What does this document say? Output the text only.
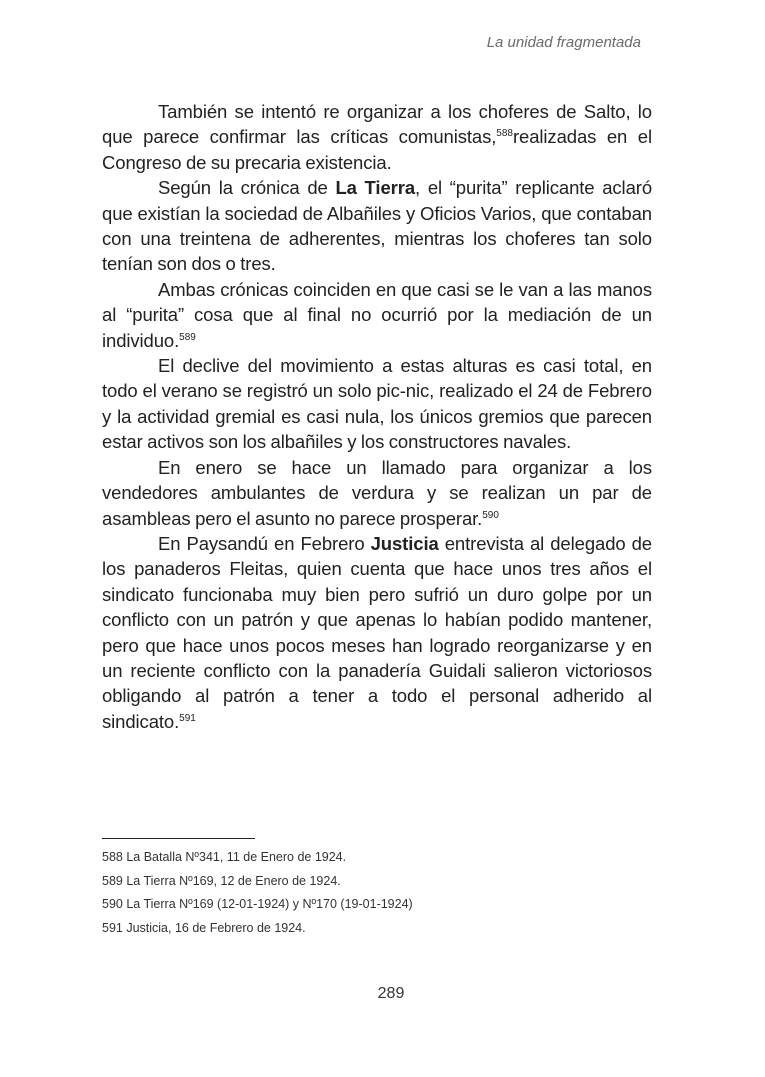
La unidad fragmentada

También se intentó re organizar a los choferes de Salto, lo que parece confirmar las críticas comunistas,$^{588}$realizadas en el Congreso de su precaria existencia.

Según la crónica de La Tierra, el “purita” replicante aclaró que existían la sociedad de Albañiles y Oficios Varios, que contaban con una treintena de adherentes, mientras los choferes tan solo tenían son dos o tres.

Ambas crónicas coinciden en que casi se le van a las manos al “purita” cosa que al final no ocurrió por la mediación de un individuo.$^{589}$

El declive del movimiento a estas alturas es casi total, en todo el verano se registró un solo pic-nic, realizado el 24 de Febrero y la actividad gremial es casi nula, los únicos gremios que parecen estar activos son los albañiles y los constructores navales.

En enero se hace un llamado para organizar a los vendedores ambulantes de verdura y se realizan un par de asambleas pero el asunto no parece prosperar.$^{590}$

En Paysandú en Febrero Justicia entrevista al delegado de los panaderos Fleitas, quien cuenta que hace unos tres años el sindicato funcionaba muy bien pero sufrió un duro golpe por un conflicto con un patrón y que apenas lo habían podido mantener, pero que hace unos pocos meses han logrado reorganizarse y en un reciente conflicto con la panadería Guidali salieron victoriosos obligando al patrón a tener a todo el personal adherido al sindicato.$^{591}$

588 La Batalla Nº341, 11 de Enero de 1924.
589 La Tierra Nº169, 12 de Enero de 1924.
590 La Tierra Nº169 (12-01-1924) y Nº170 (19-01-1924)
591 Justicia, 16 de Febrero de 1924.

289
